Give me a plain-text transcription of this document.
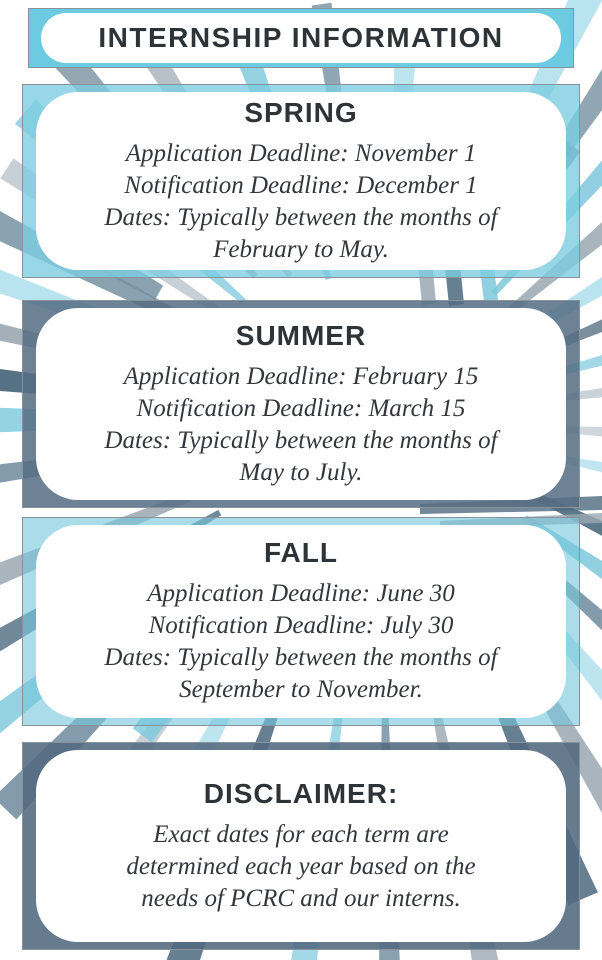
INTERNSHIP INFORMATION
SPRING

Application Deadline: November 1

Notification Deadline: December 1

Dates: Typically between the months of

February to May.

SUMMER

Application Deadline: February 15

Notification Deadline: March 15

Dates: Typically between the months of

May to July.

FALL

Application Deadline: June 30

Notification Deadline: July 30

Dates: Typically between the months of

September to November.

DISCLAIMER:

Exact dates for each term are

determined each year based on the

needs of PCRC and our interns.
